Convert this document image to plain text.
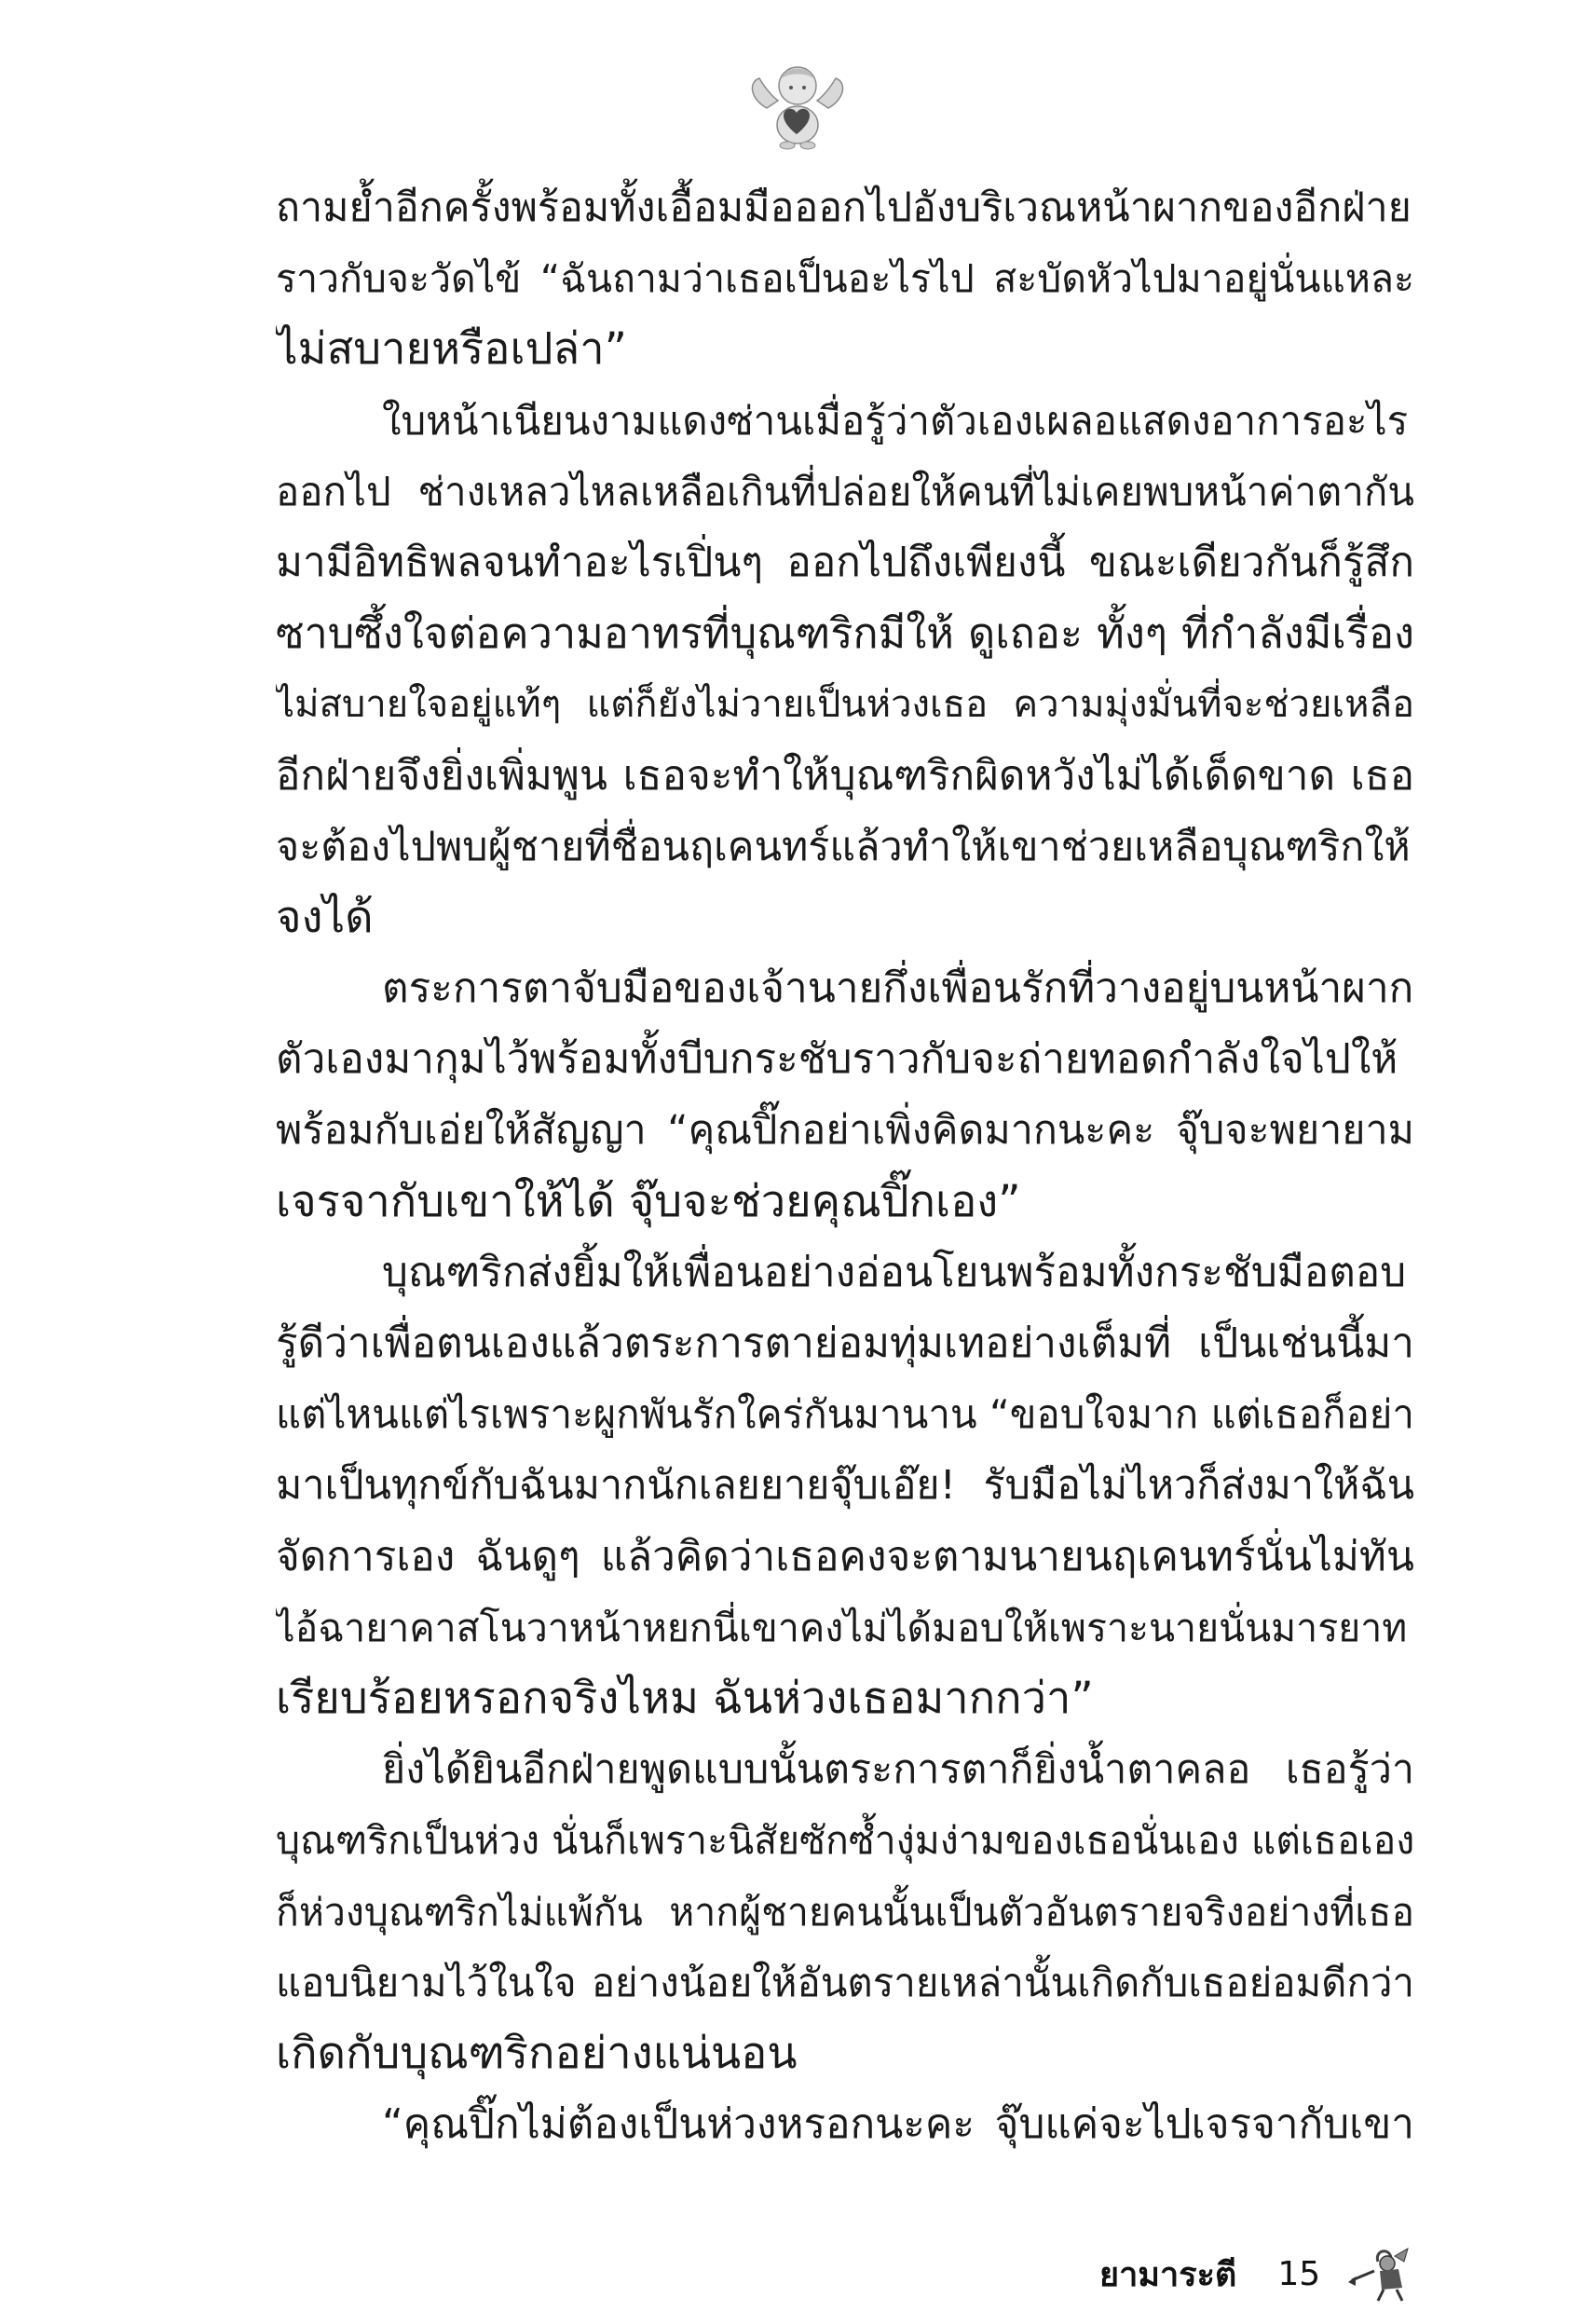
ถามย้ำอีกครั้งพร้อมทั้งเอื้อมมือออกไปอังบริเวณหน้าผากของอีกฝ่าย
ราวกับจะวัดไข้ “ฉันถามว่าเธอเป็นอะไรไป สะบัดหัวไปมาอยู่นั่นแหละ
ไม่สบายหรือเปล่า”
ใบหน้าเนียนงามแดงซ่านเมื่อรู้ว่าตัวเองเผลอแสดงอาการอะไร
ออกไป ช่างเหลวไหลเหลือเกินที่ปล่อยให้คนที่ไม่เคยพบหน้าค่าตากัน
มามีอิทธิพลจนทำอะไรเปิ่นๆ ออกไปถึงเพียงนี้ ขณะเดียวกันก็รู้สึก
ซาบซึ้งใจต่อความอาทรที่บุณฑริกมีให้ ดูเถอะ ทั้งๆ ที่กำลังมีเรื่อง
ไม่สบายใจอยู่แท้ๆ แต่ก็ยังไม่วายเป็นห่วงเธอ ความมุ่งมั่นที่จะช่วยเหลือ
อีกฝ่ายจึงยิ่งเพิ่มพูน เธอจะทำให้บุณฑริกผิดหวังไม่ได้เด็ดขาด เธอ
จะต้องไปพบผู้ชายที่ชื่อนฤเคนทร์แล้วทำให้เขาช่วยเหลือบุณฑริกให้
จงได้
ตระการตาจับมือของเจ้านายกึ่งเพื่อนรักที่วางอยู่บนหน้าผาก
ตัวเองมากุมไว้พร้อมทั้งบีบกระชับราวกับจะถ่ายทอดกำลังใจไปให้
พร้อมกับเอ่ยให้สัญญา “คุณปิ๊กอย่าเพิ่งคิดมากนะคะ จุ๊บจะพยายาม
เจรจากับเขาให้ได้ จุ๊บจะช่วยคุณปิ๊กเอง”
บุณฑริกส่งยิ้มให้เพื่อนอย่างอ่อนโยนพร้อมทั้งกระชับมือตอบ
รู้ดีว่าเพื่อตนเองแล้วตระการตาย่อมทุ่มเทอย่างเต็มที่ เป็นเช่นนี้มา
แต่ไหนแต่ไรเพราะผูกพันรักใคร่กันมานาน “ขอบใจมาก แต่เธอก็อย่า
มาเป็นทุกข์กับฉันมากนักเลยยายจุ๊บเอ๊ย! รับมือไม่ไหวก็ส่งมาให้ฉัน
จัดการเอง ฉันดูๆ แล้วคิดว่าเธอคงจะตามนายนฤเคนทร์นั่นไม่ทัน
ไอ้ฉายาคาสโนวาหน้าหยกนี่เขาคงไม่ได้มอบให้เพราะนายนั่นมารยาท
เรียบร้อยหรอกจริงไหม ฉันห่วงเธอมากกว่า”
ยิ่งได้ยินอีกฝ่ายพูดแบบนั้นตระการตาก็ยิ่งน้ำตาคลอ เธอรู้ว่า
บุณฑริกเป็นห่วง นั่นก็เพราะนิสัยซักซ้ำงุ่มง่ามของเธอนั่นเอง แต่เธอเอง
ก็ห่วงบุณฑริกไม่แพ้กัน หากผู้ชายคนนั้นเป็นตัวอันตรายจริงอย่างที่เธอ
แอบนิยามไว้ในใจ อย่างน้อยให้อันตรายเหล่านั้นเกิดกับเธอย่อมดีกว่า
เกิดกับบุณฑริกอย่างแน่นอน
“คุณปิ๊กไม่ต้องเป็นห่วงหรอกนะคะ จุ๊บแค่จะไปเจรจากับเขา
ยามาระตี 15
